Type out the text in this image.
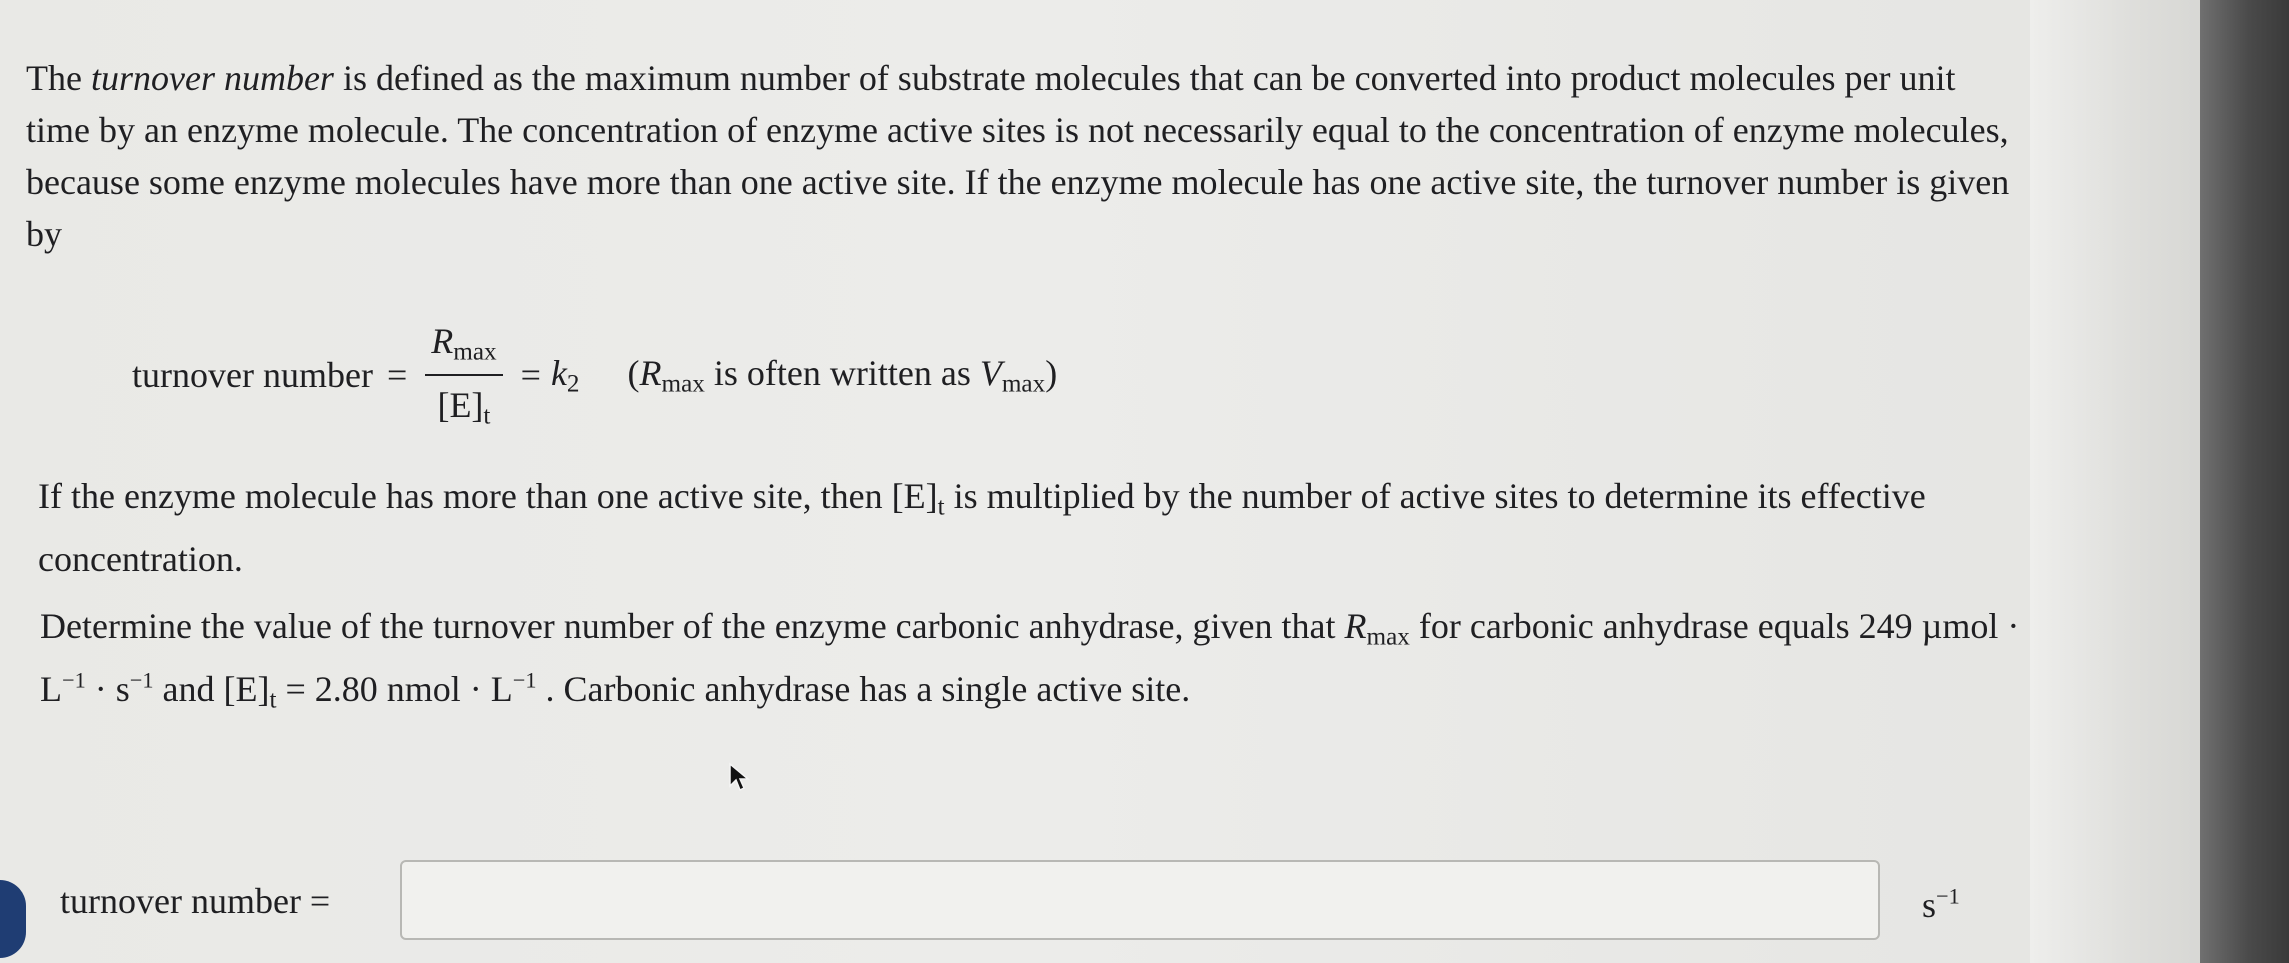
The turnover number is defined as the maximum number of substrate molecules that can be converted into product molecules per unit time by an enzyme molecule. The concentration of enzyme active sites is not necessarily equal to the concentration of enzyme molecules, because some enzyme molecules have more than one active site. If the enzyme molecule has one active site, the turnover number is given by

turnover number = $\frac{R_{max}}{[E]_t} = k_2$ ($R_{max}$ is often written as $V_{max}$)

If the enzyme molecule has more than one active site, then $[E]_t$ is multiplied by the number of active sites to determine its effective concentration.

Determine the value of the turnover number of the enzyme carbonic anhydrase, given that $R_{max}$ for carbonic anhydrase equals 249 $\mu mol \cdot L^{-1} \cdot s^{-1}$ and $[E]_t = 2.80$ nmol · $L^{-1}$ . Carbonic anhydrase has a single active site.

turnover number =	$s^{-1}$
